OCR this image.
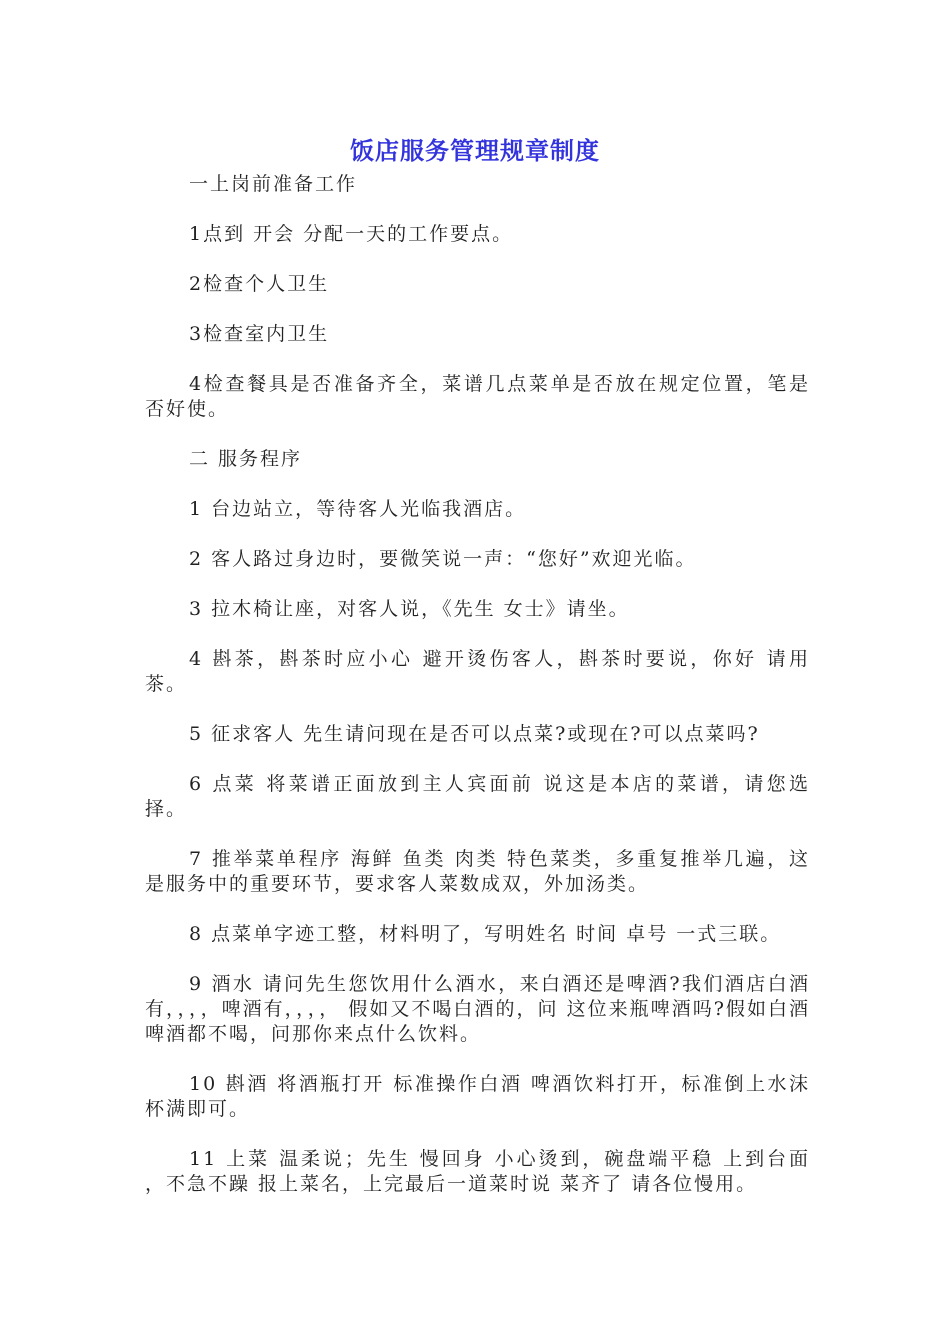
饭店服务管理规章制度

一上岗前准备工作

1点到 开会 分配一天的工作要点。

2检查个人卫生

3检查室内卫生

4检查餐具是否准备齐全，菜谱几点菜单是否放在规定位置，笔是否好使。

二 服务程序

1 台边站立，等待客人光临我酒店。

2 客人路过身边时，要微笑说一声：“您好”欢迎光临。

3 拉木椅让座，对客人说，《先生 女士》请坐。

4 斟茶，斟茶时应小心 避开烫伤客人，斟茶时要说，你好 请用茶。

5 征求客人 先生请问现在是否可以点菜?或现在?可以点菜吗?

6 点菜 将菜谱正面放到主人宾面前 说这是本店的菜谱，请您选择。

7 推举菜单程序 海鲜 鱼类 肉类 特色菜类，多重复推举几遍，这是服务中的重要环节，要求客人菜数成双，外加汤类。

8 点菜单字迹工整，材料明了，写明姓名 时间 卓号 一式三联。

9 酒水 请问先生您饮用什么酒水，来白酒还是啤酒?我们酒店白酒有，，，，啤酒有，，，， 假如又不喝白酒的，问 这位来瓶啤酒吗?假如白酒啤酒都不喝，问那你来点什么饮料。

10 斟酒 将酒瓶打开 标准操作白酒 啤酒饮料打开，标准倒上水沫杯满即可。

11 上菜 温柔说；先生 慢回身 小心烫到，碗盘端平稳 上到台面 ，不急不躁 报上菜名，上完最后一道菜时说 菜齐了 请各位慢用。
